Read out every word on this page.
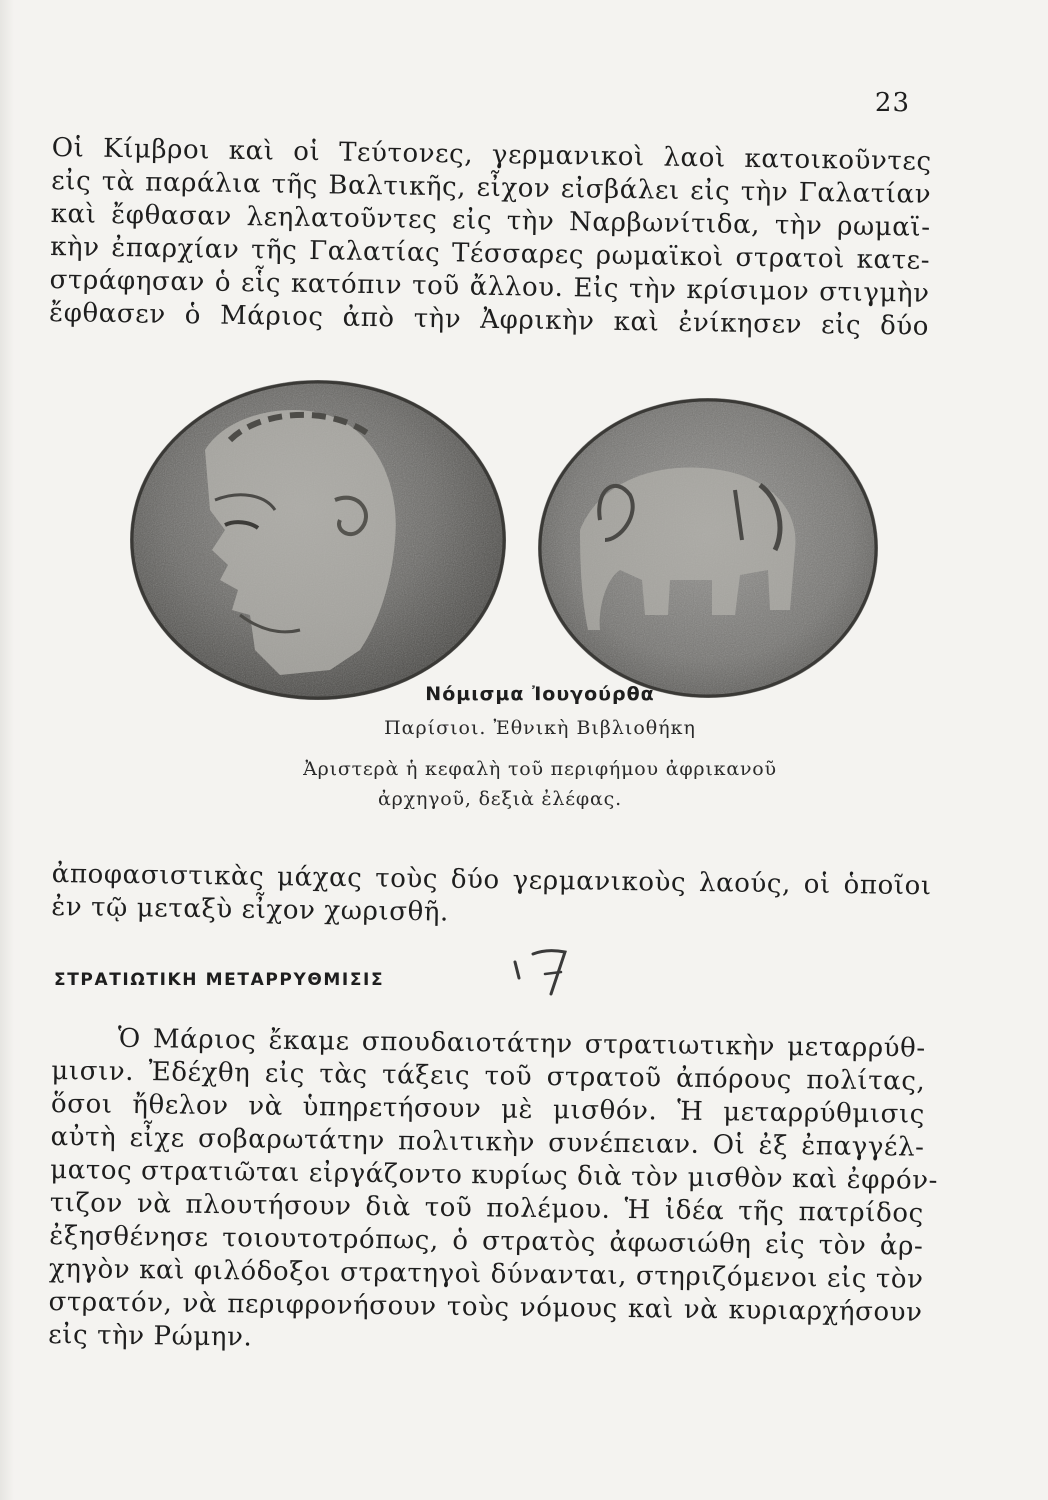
23
Οἱ Κίμβροι καὶ οἱ Τεύτονες, γερμανικοὶ λαοὶ κατοικοῦντες
εἰς τὰ παράλια τῆς Βαλτικῆς, εἶχον εἰσβάλει εἰς τὴν Γαλατίαν
καὶ ἔφθασαν λεηλατοῦντες εἰς τὴν Ναρβωνίτιδα, τὴν ρωμαϊ-
κὴν ἐπαρχίαν τῆς Γαλατίας Τέσσαρες ρωμαϊκοὶ στρατοὶ κατε-
στράφησαν ὁ εἷς κατόπιν τοῦ ἄλλου. Εἰς τὴν κρίσιμον στιγμὴν
ἔφθασεν ὁ Μάριος ἀπὸ τὴν Ἀφρικὴν καὶ ἐνίκησεν εἰς δύο
Νόμισμα Ἰουγούρθα
Παρίσιοι. Ἐθνικὴ Βιβλιοθήκη
Ἀριστερὰ ἡ κεφαλὴ τοῦ περιφήμου ἀφρικανοῦ
ἀρχηγοῦ, δεξιὰ ἐλέφας.
ἀποφασιστικὰς μάχας τοὺς δύο γερμανικοὺς λαούς, οἱ ὁποῖοι
ἐν τῷ μεταξὺ εἶχον χωρισθῆ.
ΣΤΡΑΤΙΩΤΙΚΗ ΜΕΤΑΡΡΥΘΜΙΣΙΣ
Ὁ Μάριος ἔκαμε σπουδαιοτάτην στρατιωτικὴν μεταρρύθ-
μισιν. Ἐδέχθη εἰς τὰς τάξεις τοῦ στρατοῦ ἀπόρους πολίτας,
ὅσοι ἤθελον νὰ ὑπηρετήσουν μὲ μισθόν. Ἡ μεταρρύθμισις
αὐτὴ εἶχε σοβαρωτάτην πολιτικὴν συνέπειαν. Οἱ ἐξ ἐπαγγέλ-
ματος στρατιῶται εἰργάζοντο κυρίως διὰ τὸν μισθὸν καὶ ἐφρόν-
τιζον νὰ πλουτήσουν διὰ τοῦ πολέμου. Ἡ ἰδέα τῆς πατρίδος
ἐξησθένησε τοιουτοτρόπως, ὁ στρατὸς ἀφωσιώθη εἰς τὸν ἀρ-
χηγὸν καὶ φιλόδοξοι στρατηγοὶ δύνανται, στηριζόμενοι εἰς τὸν
στρατόν, νὰ περιφρονήσουν τοὺς νόμους καὶ νὰ κυριαρχήσουν
εἰς τὴν Ρώμην.
